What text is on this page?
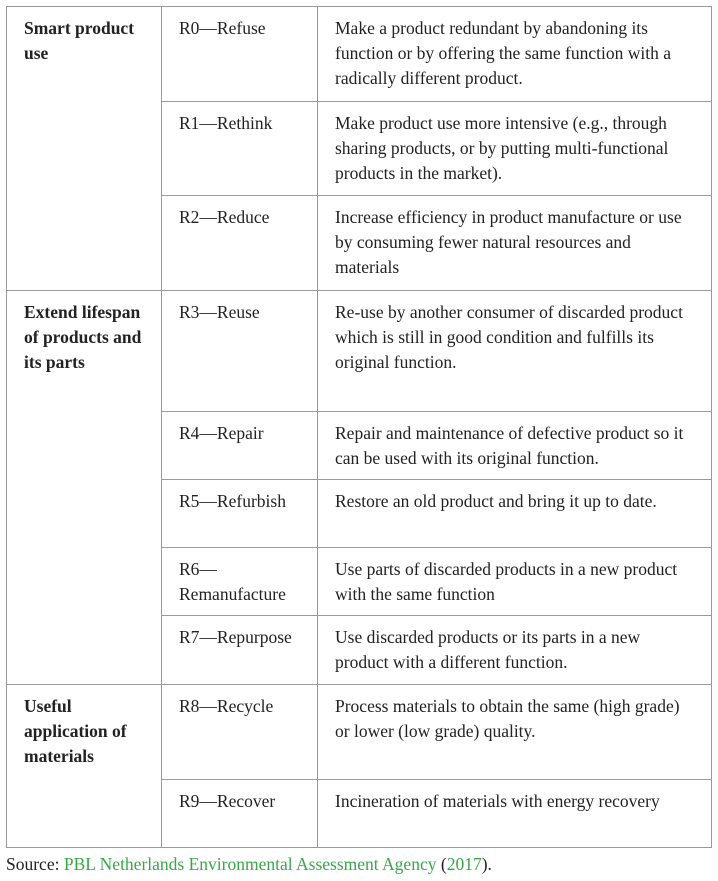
Smart product use	R0—Refuse	Make a product redundant by abandoning its function or by offering the same function with a radically different product.
	R1—Rethink	Make product use more intensive (e.g., through sharing products, or by putting multi-functional products in the market).
	R2—Reduce	Increase efficiency in product manufacture or use by consuming fewer natural resources and materials
Extend lifespan of products and its parts	R3—Reuse	Re-use by another consumer of discarded product which is still in good condition and fulfills its original function.
	R4—Repair	Repair and maintenance of defective product so it can be used with its original function.
	R5—Refurbish	Restore an old product and bring it up to date.
	R6—Remanufacture	Use parts of discarded products in a new product with the same function
	R7—Repurpose	Use discarded products or its parts in a new product with a different function.
Useful application of materials	R8—Recycle	Process materials to obtain the same (high grade) or lower (low grade) quality.
	R9—Recover	Incineration of materials with energy recovery
Source: PBL Netherlands Environmental Assessment Agency (2017).
